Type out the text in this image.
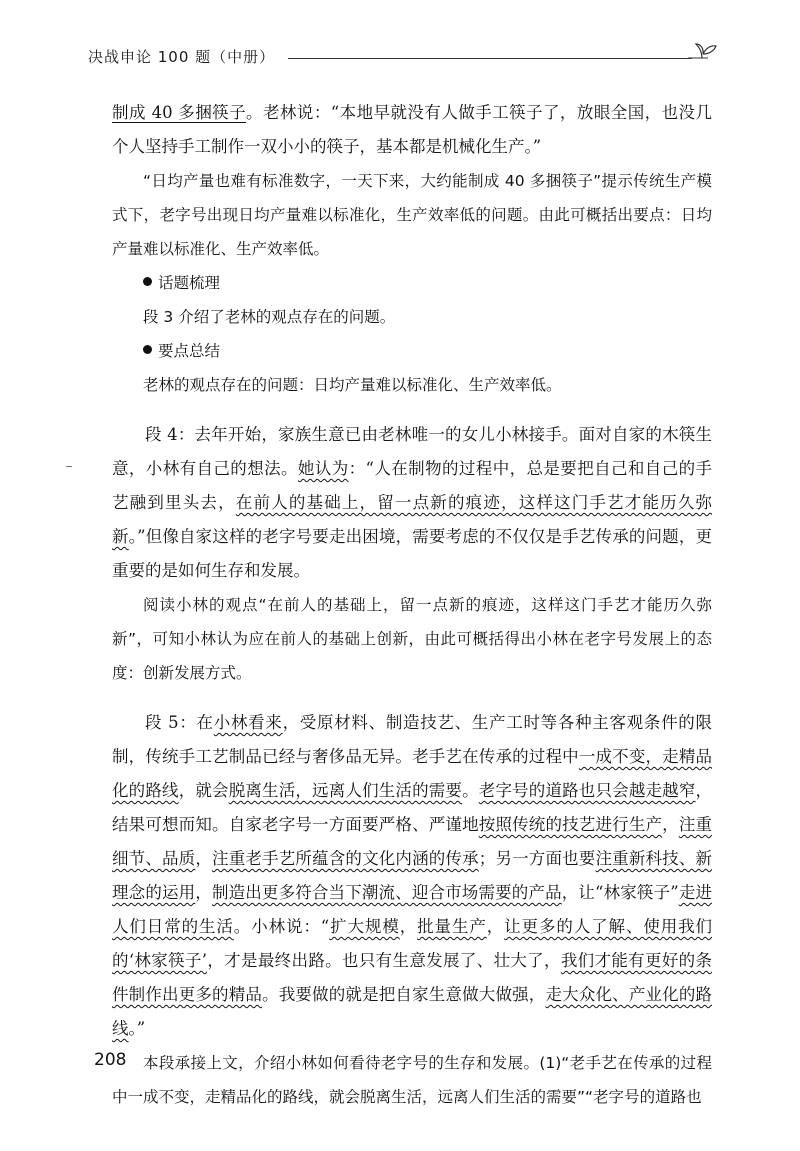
决战申论 100 题（中册）

制成 40 多捆筷子。老林说：“本地早就没有人做手工筷子了，放眼全国，也没几个人坚持手工制作一双小小的筷子，基本都是机械化生产。”

“日均产量也难有标准数字，一天下来，大约能制成 40 多捆筷子”提示传统生产模式下，老字号出现日均产量难以标准化，生产效率低的问题。由此可概括出要点：日均产量难以标准化、生产效率低。

话题梳理

段 3 介绍了老林的观点存在的问题。

要点总结

老林的观点存在的问题：日均产量难以标准化、生产效率低。

段 4：去年开始，家族生意已由老林唯一的女儿小林接手。面对自家的木筷生意，小林有自己的想法。她认为：“人在制物的过程中，总是要把自己和自己的手艺融到里头去，在前人的基础上，留一点新的痕迹，这样这门手艺才能历久弥新。”但像自家这样的老字号要走出困境，需要考虑的不仅仅是手艺传承的问题，更重要的是如何生存和发展。

阅读小林的观点“在前人的基础上，留一点新的痕迹，这样这门手艺才能历久弥新”，可知小林认为应在前人的基础上创新，由此可概括得出小林在老字号发展上的态度：创新发展方式。

段 5：在小林看来，受原材料、制造技艺、生产工时等各种主客观条件的限制，传统手工艺制品已经与奢侈品无异。老手艺在传承的过程中一成不变，走精品化的路线，就会脱离生活，远离人们生活的需要。老字号的道路也只会越走越窄，结果可想而知。自家老字号一方面要严格、严谨地按照传统的技艺进行生产，注重细节、品质，注重老手艺所蕴含的文化内涵的传承；另一方面也要注重新科技、新理念的运用，制造出更多符合当下潮流、迎合市场需要的产品，让“林家筷子”走进人们日常的生活。小林说：“扩大规模，批量生产，让更多的人了解、使用我们的‘林家筷子’，才是最终出路。也只有生意发展了、壮大了，我们才能有更好的条件制作出更多的精品。我要做的就是把自家生意做大做强，走大众化、产业化的路线。”

本段承接上文，介绍小林如何看待老字号的生存和发展。(1)“老手艺在传承的过程中一成不变，走精品化的路线，就会脱离生活，远离人们生活的需要”“老字号的道路也

208
